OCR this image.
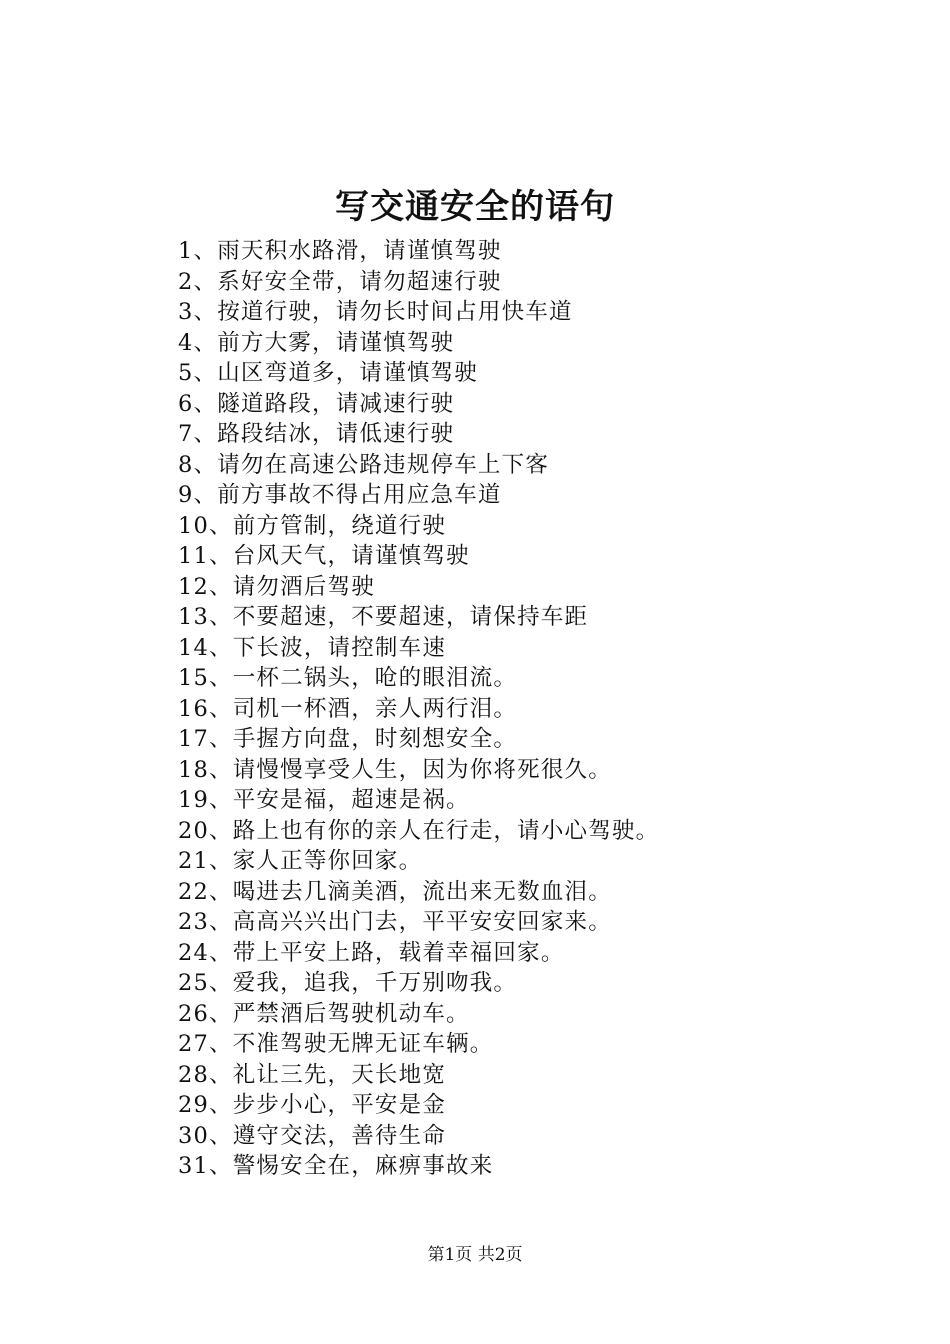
写交通安全的语句
1、雨天积水路滑，请谨慎驾驶
2、系好安全带，请勿超速行驶
3、按道行驶，请勿长时间占用快车道
4、前方大雾，请谨慎驾驶
5、山区弯道多，请谨慎驾驶
6、隧道路段，请减速行驶
7、路段结冰，请低速行驶
8、请勿在高速公路违规停车上下客
9、前方事故不得占用应急车道
10、前方管制，绕道行驶
11、台风天气，请谨慎驾驶
12、请勿酒后驾驶
13、不要超速，不要超速，请保持车距
14、下长波，请控制车速
15、一杯二锅头，呛的眼泪流。
16、司机一杯酒，亲人两行泪。
17、手握方向盘，时刻想安全。
18、请慢慢享受人生，因为你将死很久。
19、平安是福，超速是祸。
20、路上也有你的亲人在行走，请小心驾驶。
21、家人正等你回家。
22、喝进去几滴美酒，流出来无数血泪。
23、高高兴兴出门去，平平安安回家来。
24、带上平安上路，载着幸福回家。
25、爱我，追我，千万别吻我。
26、严禁酒后驾驶机动车。
27、不准驾驶无牌无证车辆。
28、礼让三先，天长地宽
29、步步小心，平安是金
30、遵守交法，善待生命
31、警惕安全在，麻痹事故来
第1页 共2页
